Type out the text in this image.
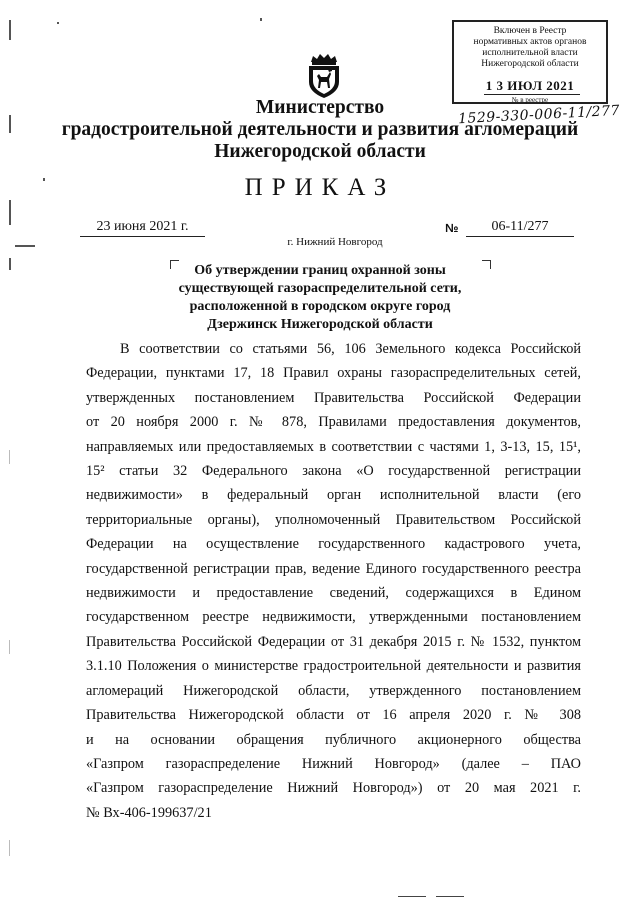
Включен в Реестр
нормативных актов органов
исполнительной власти
Нижегородской области
1 3 ИЮЛ 2021
№ в реестре
1529-330-006-11/277
Министерство
градостроительной деятельности и развития агломераций
Нижегородской области
ПРИКАЗ
23 июня 2021 г.	№	06-11/277
г. Нижний Новгород
Об утверждении границ охранной зоны
существующей газораспределительной сети,
расположенной в городском округе город
Дзержинск Нижегородской области
В соответствии со статьями 56, 106 Земельного кодекса Российской
Федерации, пунктами 17, 18 Правил охраны газораспределительных сетей,
утвержденных постановлением Правительства Российской Федерации
от 20 ноября 2000 г. № 878, Правилами предоставления документов,
направляемых или предоставляемых в соответствии с частями 1, 3-13, 15, 15¹,
15² статьи 32 Федерального закона «О государственной регистрации
недвижимости» в федеральный орган исполнительной власти (его
территориальные органы), уполномоченный Правительством Российской
Федерации на осуществление государственного кадастрового учета,
государственной регистрации прав, ведение Единого государственного реестра
недвижимости и предоставление сведений, содержащихся в Едином
государственном реестре недвижимости, утвержденными постановлением
Правительства Российской Федерации от 31 декабря 2015 г. № 1532, пунктом
3.1.10 Положения о министерстве градостроительной деятельности и развития
агломераций Нижегородской области, утвержденного постановлением
Правительства Нижегородской области от 16 апреля 2020 г. № 308
и на основании обращения публичного акционерного общества
«Газпром газораспределение Нижний Новгород» (далее – ПАО
«Газпром газораспределение Нижний Новгород») от 20 мая 2021 г.
№ Вх-406-199637/21
